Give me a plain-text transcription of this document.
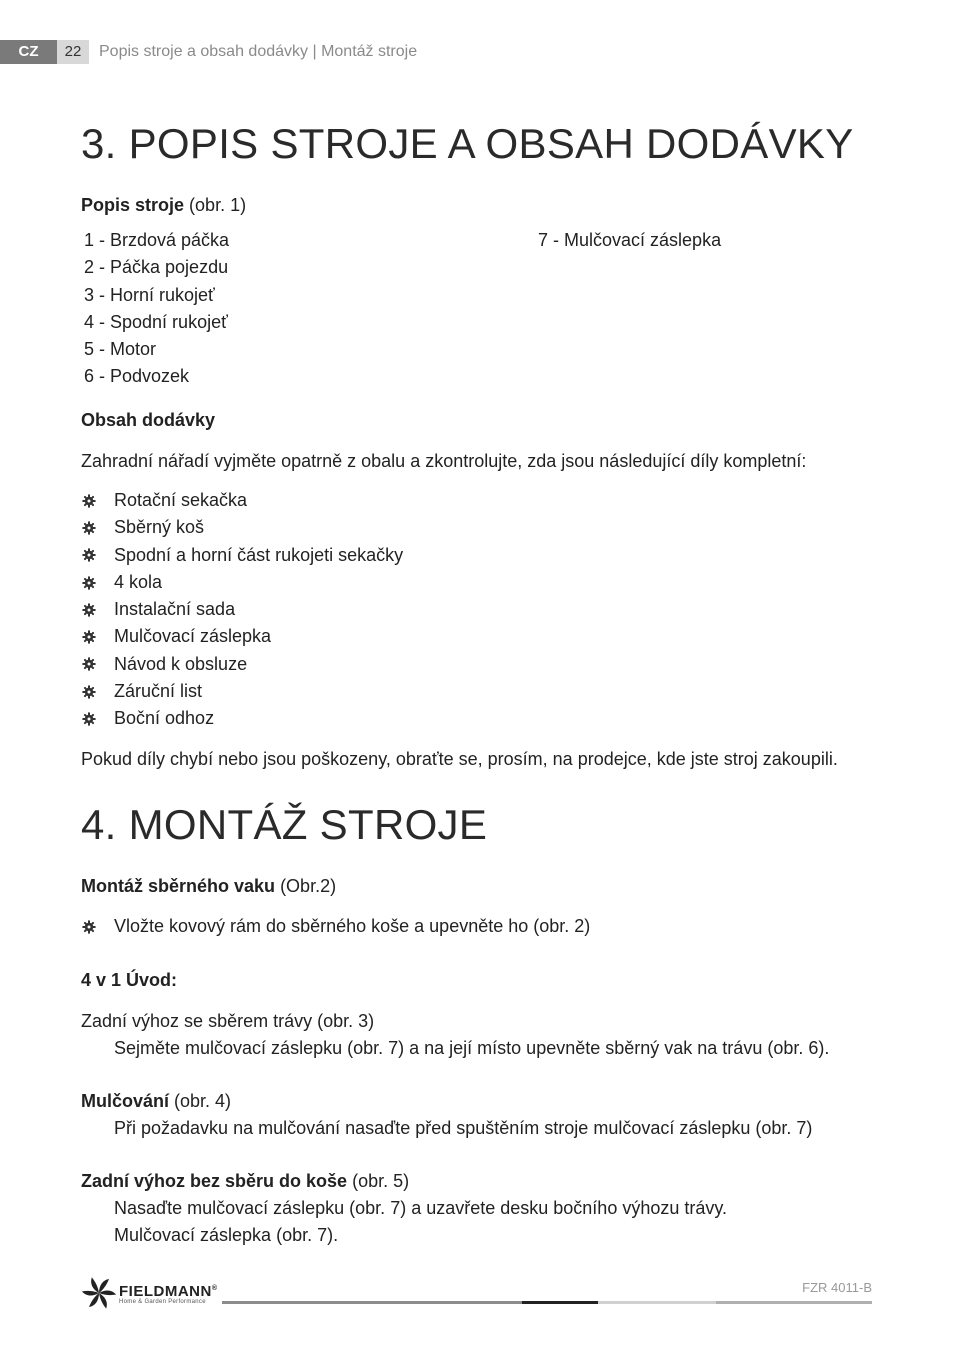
CZ	22	Popis stroje a obsah dodávky | Montáž stroje
3. POPIS STROJE A OBSAH DODÁVKY

Popis stroje (obr. 1)

1 - Brzdová páčka
2 - Páčka pojezdu
3 - Horní rukojeť
4 - Spodní rukojeť
5 - Motor
6 - Podvozek
7 - Mulčovací záslepka

Obsah dodávky

Zahradní nářadí vyjměte opatrně z obalu a zkontrolujte, zda jsou následující díly kompletní:

Rotační sekačka
Sběrný koš
Spodní a horní část rukojeti sekačky
4 kola
Instalační sada
Mulčovací záslepka
Návod k obsluze
Záruční list
Boční odhoz

Pokud díly chybí nebo jsou poškozeny, obraťte se, prosím, na prodejce, kde jste stroj zakoupili.

4. MONTÁŽ STROJE

Montáž sběrného vaku (Obr.2)

Vložte kovový rám do sběrného koše a upevněte ho (obr. 2)

4 v 1 Úvod:

Zadní výhoz se sběrem trávy (obr. 3)

Sejměte mulčovací záslepku (obr. 7) a na její místo upevněte sběrný vak na trávu (obr. 6).

Mulčování (obr. 4)

Při požadavku na mulčování nasaďte před spuštěním stroje mulčovací záslepku (obr. 7)

Zadní výhoz bez sběru do koše (obr. 5)

Nasaďte mulčovací záslepku (obr. 7) a uzavřete desku bočního výhozu trávy.

Mulčovací záslepka (obr. 7).

FIELDMANN®
Home & Garden Performance
FZR 4011-B
